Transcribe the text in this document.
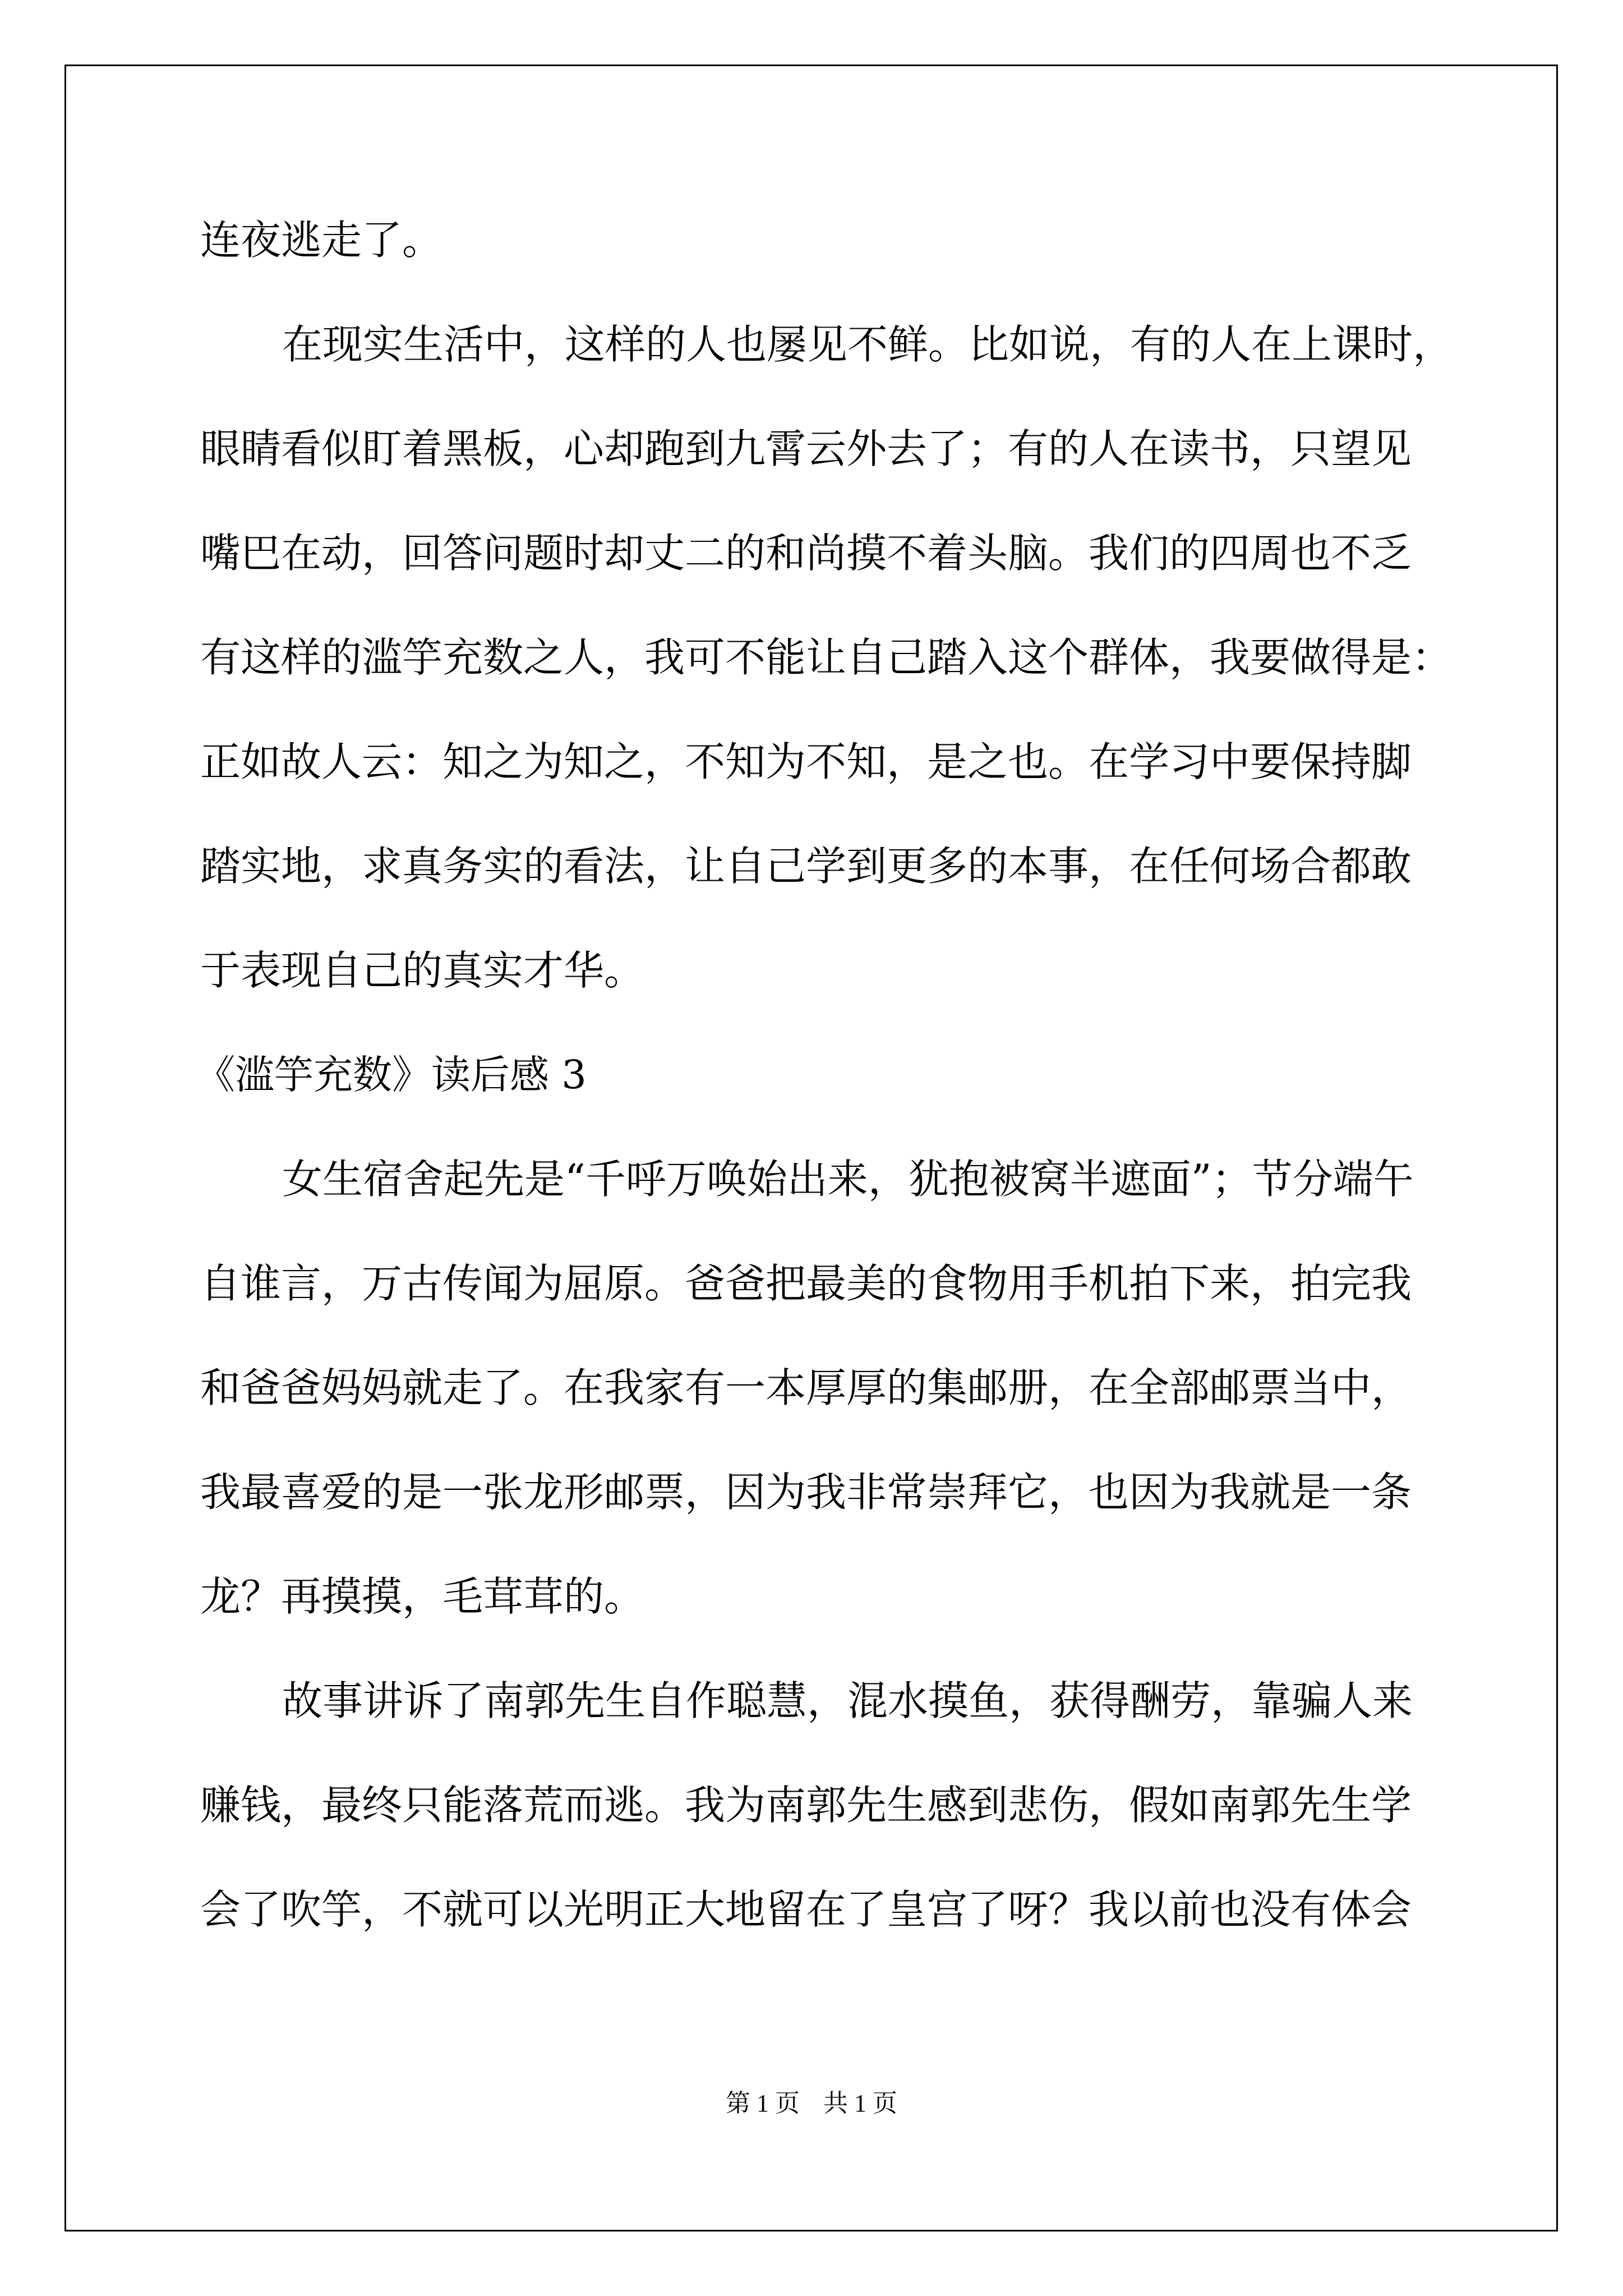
连夜逃走了。
在现实生活中，这样的人也屡见不鲜。比如说，有的人在上课时，
眼睛看似盯着黑板，心却跑到九霄云外去了；有的人在读书，只望见
嘴巴在动，回答问题时却丈二的和尚摸不着头脑。我们的四周也不乏
有这样的滥竽充数之人，我可不能让自己踏入这个群体，我要做得是：
正如故人云：知之为知之，不知为不知，是之也。在学习中要保持脚
踏实地，求真务实的看法，让自己学到更多的本事，在任何场合都敢
于表现自己的真实才华。
《滥竽充数》读后感 3
女生宿舍起先是“千呼万唤始出来，犹抱被窝半遮面”；节分端午
自谁言，万古传闻为屈原。爸爸把最美的食物用手机拍下来，拍完我
和爸爸妈妈就走了。在我家有一本厚厚的集邮册，在全部邮票当中，
我最喜爱的是一张龙形邮票，因为我非常崇拜它，也因为我就是一条
龙？再摸摸，毛茸茸的。
故事讲诉了南郭先生自作聪慧，混水摸鱼，获得酬劳，靠骗人来
赚钱，最终只能落荒而逃。我为南郭先生感到悲伤，假如南郭先生学
会了吹竽，不就可以光明正大地留在了皇宫了呀？我以前也没有体会
第 1 页 共 1 页
